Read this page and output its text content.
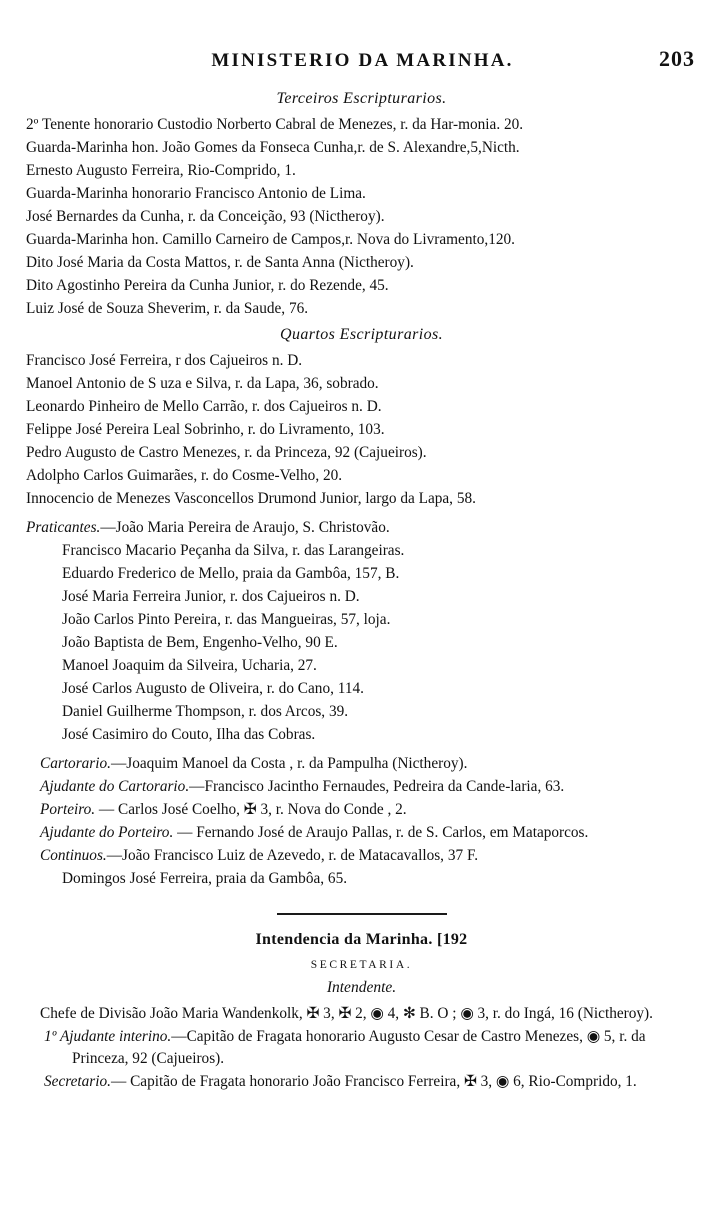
MINISTERIO DA MARINHA.	203
Terceiros Escripturarios.
2º Tenente honorario Custodio Norberto Cabral de Menezes, r. da Har-monia. 20.
Guarda-Marinha hon. João Gomes da Fonseca Cunha,r. de S. Alexandre,5,Nicth.
Ernesto Augusto Ferreira, Rio-Comprido, 1.
Guarda-Marinha honorario Francisco Antonio de Lima.
José Bernardes da Cunha, r. da Conceição, 93 (Nictheroy).
Guarda-Marinha hon. Camillo Carneiro de Campos,r. Nova do Livramento,120.
Dito José Maria da Costa Mattos, r. de Santa Anna (Nictheroy).
Dito Agostinho Pereira da Cunha Junior, r. do Rezende, 45.
Luiz José de Souza Sheverim, r. da Saude, 76.
Quartos Escripturarios.
Francisco José Ferreira, r dos Cajueiros n. D.
Manoel Antonio de S uza e Silva, r. da Lapa, 36, sobrado.
Leonardo Pinheiro de Mello Carrão, r. dos Cajueiros n. D.
Felippe José Pereira Leal Sobrinho, r. do Livramento, 103.
Pedro Augusto de Castro Menezes, r. da Princeza, 92 (Cajueiros).
Adolpho Carlos Guimarães, r. do Cosme-Velho, 20.
Innocencio de Menezes Vasconcellos Drumond Junior, largo da Lapa, 58.
Praticantes.—João Maria Pereira de Araujo, S. Christovão.
Francisco Macario Peçanha da Silva, r. das Larangeiras.
Eduardo Frederico de Mello, praia da Gambôa, 157, B.
José Maria Ferreira Junior, r. dos Cajueiros n. D.
João Carlos Pinto Pereira, r. das Mangueiras, 57, loja.
João Baptista de Bem, Engenho-Velho, 90 E.
Manoel Joaquim da Silveira, Ucharia, 27.
José Carlos Augusto de Oliveira, r. do Cano, 114.
Daniel Guilherme Thompson, r. dos Arcos, 39.
José Casimiro do Couto, Ilha das Cobras.
Cartorario.—Joaquim Manoel da Costa , r. da Pampulha (Nictheroy).
Ajudante do Cartorario.—Francisco Jacintho Fernaudes, Pedreira da Cande-laria, 63.
Porteiro. — Carlos José Coelho, ✠ 3, r. Nova do Conde , 2.
Ajudante do Porteiro. — Fernando José de Araujo Pallas, r. de S. Carlos, em Mataporcos.
Continuos.—João Francisco Luiz de Azevedo, r. de Matacavallos, 37 F.
Domingos José Ferreira, praia da Gambôa, 65.
Intendencia da Marinha. [192
SECRETARIA.
Intendente.
Chefe de Divisão João Maria Wandenkolk, ✠ 3, ✠ 2, ◉ 4, ✻ B. O ; ◉ 3, r. do Ingá, 16 (Nictheroy).
1º Ajudante interino.—Capitão de Fragata honorario Augusto Cesar de Castro Menezes, ◉ 5, r. da Princeza, 92 (Cajueiros).
Secretario.— Capitão de Fragata honorario João Francisco Ferreira, ✠ 3, ◉ 6, Rio-Comprido, 1.
